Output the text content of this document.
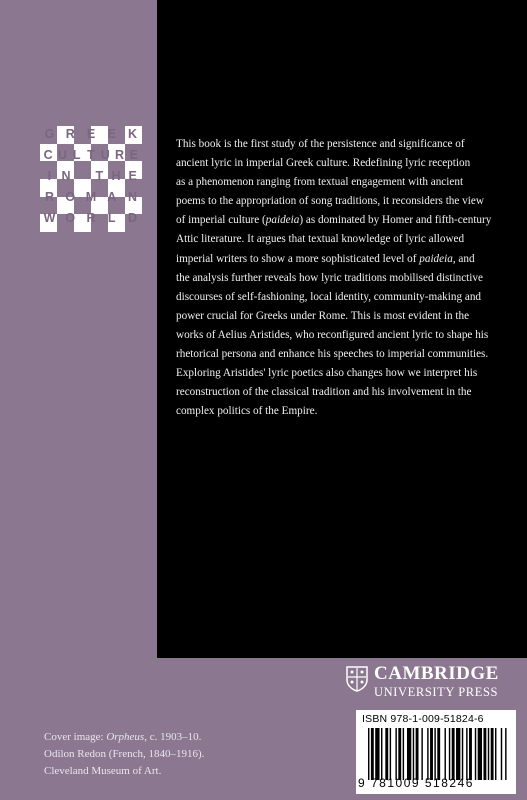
G R E E K
C U L T U R E
I N	T H E
R O M A N
W O R L D

This book is the first study of the persistence and significance of

ancient lyric in imperial Greek culture. Redefining lyric reception

as a phenomenon ranging from textual engagement with ancient

poems to the appropriation of song traditions, it reconsiders the view

of imperial culture (paideia) as dominated by Homer and fifth-century

Attic literature. It argues that textual knowledge of lyric allowed

imperial writers to show a more sophisticated level of paideia, and

the analysis further reveals how lyric traditions mobilised distinctive

discourses of self-fashioning, local identity, community-making and

power crucial for Greeks under Rome. This is most evident in the

works of Aelius Aristides, who reconfigured ancient lyric to shape his

rhetorical persona and enhance his speeches to imperial communities.

Exploring Aristides' lyric poetics also changes how we interpret his

reconstruction of the classical tradition and his involvement in the

complex politics of the Empire.

CAMBRIDGE
UNIVERSITY PRESS
ISBN 978-1-009-51824-6
9 781009 518246
Cover image: Orpheus, c. 1903–10.
Odilon Redon (French, 1840–1916).
Cleveland Museum of Art.
